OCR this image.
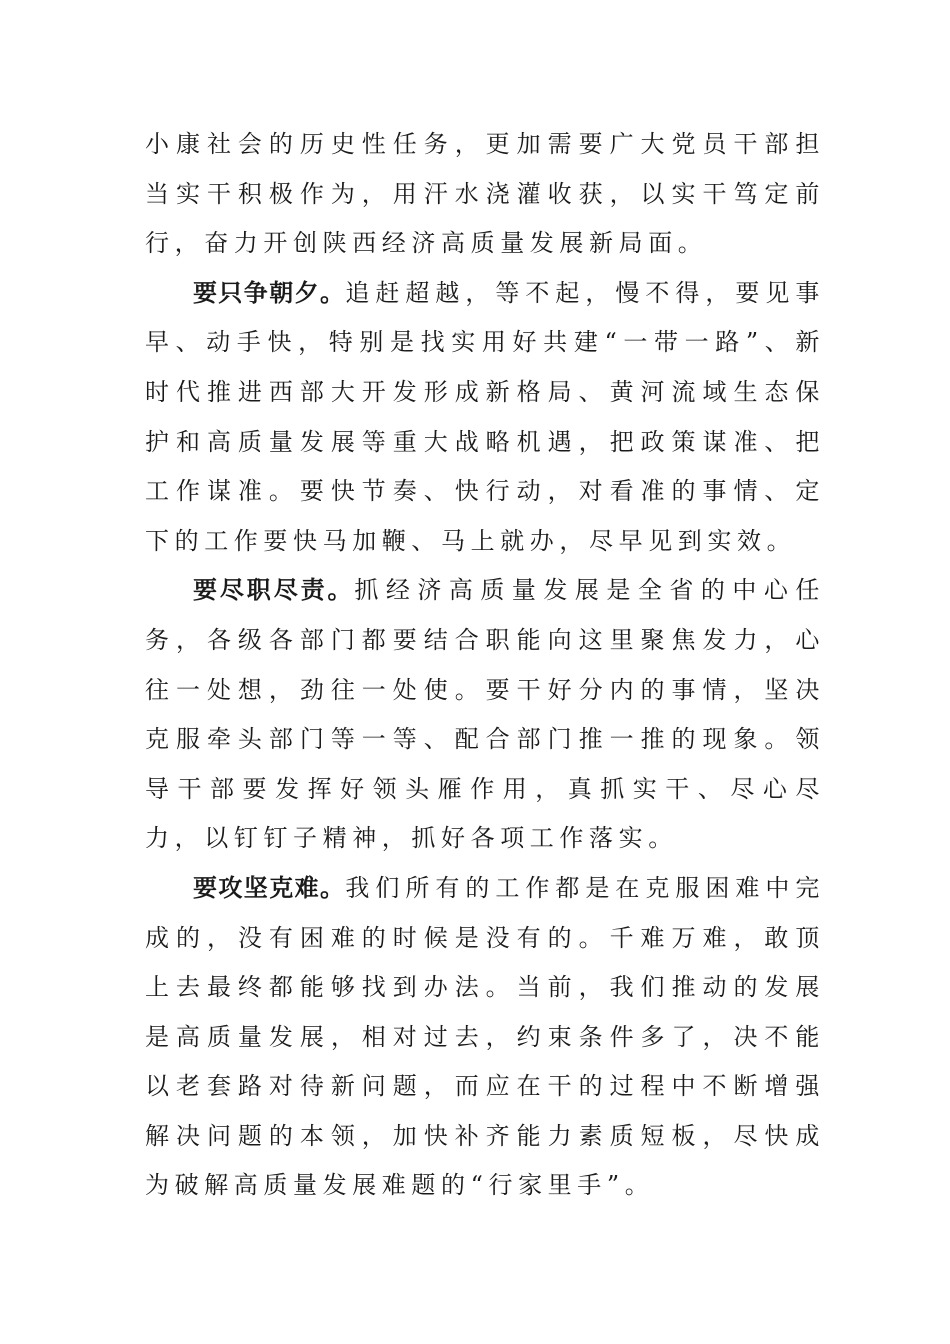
小康社会的历史性任务，更加需要广大党员干部担当实干积极作为，用汗水浇灌收获，以实干笃定前行，奋力开创陕西经济高质量发展新局面。

要只争朝夕。追赶超越，等不起，慢不得，要见事早、动手快，特别是找实用好共建“一带一路”、新时代推进西部大开发形成新格局、黄河流域生态保护和高质量发展等重大战略机遇，把政策谋准、把工作谋准。要快节奏、快行动，对看准的事情、定下的工作要快马加鞭、马上就办，尽早见到实效。

要尽职尽责。抓经济高质量发展是全省的中心任务，各级各部门都要结合职能向这里聚焦发力，心往一处想，劲往一处使。要干好分内的事情，坚决克服牵头部门等一等、配合部门推一推的现象。领导干部要发挥好领头雁作用，真抓实干、尽心尽力，以钉钉子精神，抓好各项工作落实。

要攻坚克难。我们所有的工作都是在克服困难中完成的，没有困难的时候是没有的。千难万难，敢顶上去最终都能够找到办法。当前，我们推动的发展是高质量发展，相对过去，约束条件多了，决不能以老套路对待新问题，而应在干的过程中不断增强解决问题的本领，加快补齐能力素质短板，尽快成为破解高质量发展难题的“行家里手”。
